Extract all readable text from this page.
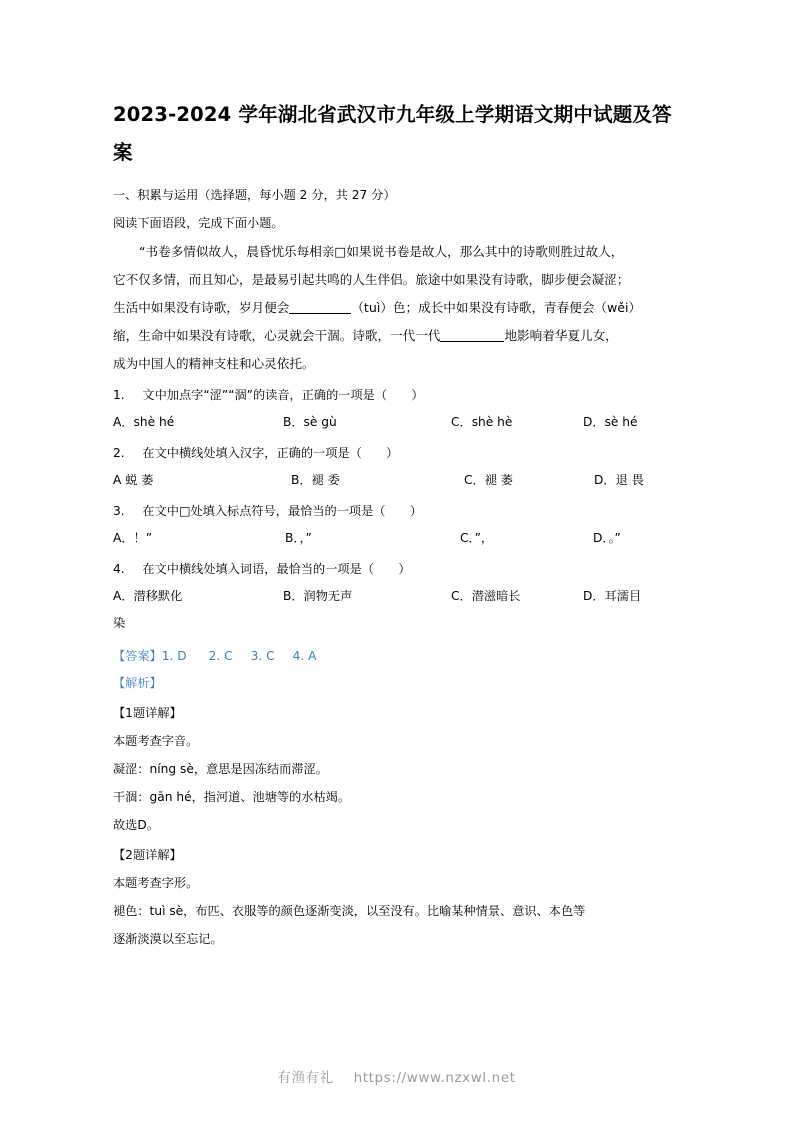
2023-2024 学年湖北省武汉市九年级上学期语文期中试题及答案

一、积累与运用（选择题，每小题 2 分，共 27 分）

阅读下面语段，完成下面小题。

“书卷多情似故人，晨昏忧乐每相亲□如果说书卷是故人，那么其中的诗歌则胜过故人，

它不仅多情，而且知心，是最易引起共鸣的人生伴侣。旅途中如果没有诗歌，脚步便会凝涩；

生活中如果没有诗歌，岁月便会	（tuì）色；成长中如果没有诗歌，青春便会（wěi）

缩，生命中如果没有诗歌，心灵就会干涸。诗歌，一代一代	地影响着华夏儿女，

成为中国人的精神支柱和心灵依托。

1. 文中加点字“涩”“涸”的读音，正确的一项是（　　）

A．shè hé	B．sè gù	C．shè hè	D．sè hé

2. 在文中横线处填入汉字，正确的一项是（　　）

A 蜕 萎	B．褪 委	C．褪 萎	D．退 畏

3. 在文中□处填入标点符号，最恰当的一项是（　　）

A．！”	B．，”	C．”，	D．。”

4. 在文中横线处填入词语，最恰当的一项是（　　）

A．潜移默化	B．润物无声	C．潜滋暗长	D．耳濡目

染

【答案】1. D 2. C 3. C 4. A

【解析】

【1题详解】

本题考查字音。

凝涩：níng sè，意思是因冻结而滞涩。

干涸：gān hé，指河道、池塘等的水枯竭。

故选D。

【2题详解】

本题考查字形。

褪色：tuì sè，布匹、衣服等的颜色逐渐变淡，以至没有。比喻某种情景、意识、本色等

逐渐淡漠以至忘记。

有渔有礼 https://www.nzxwl.net
